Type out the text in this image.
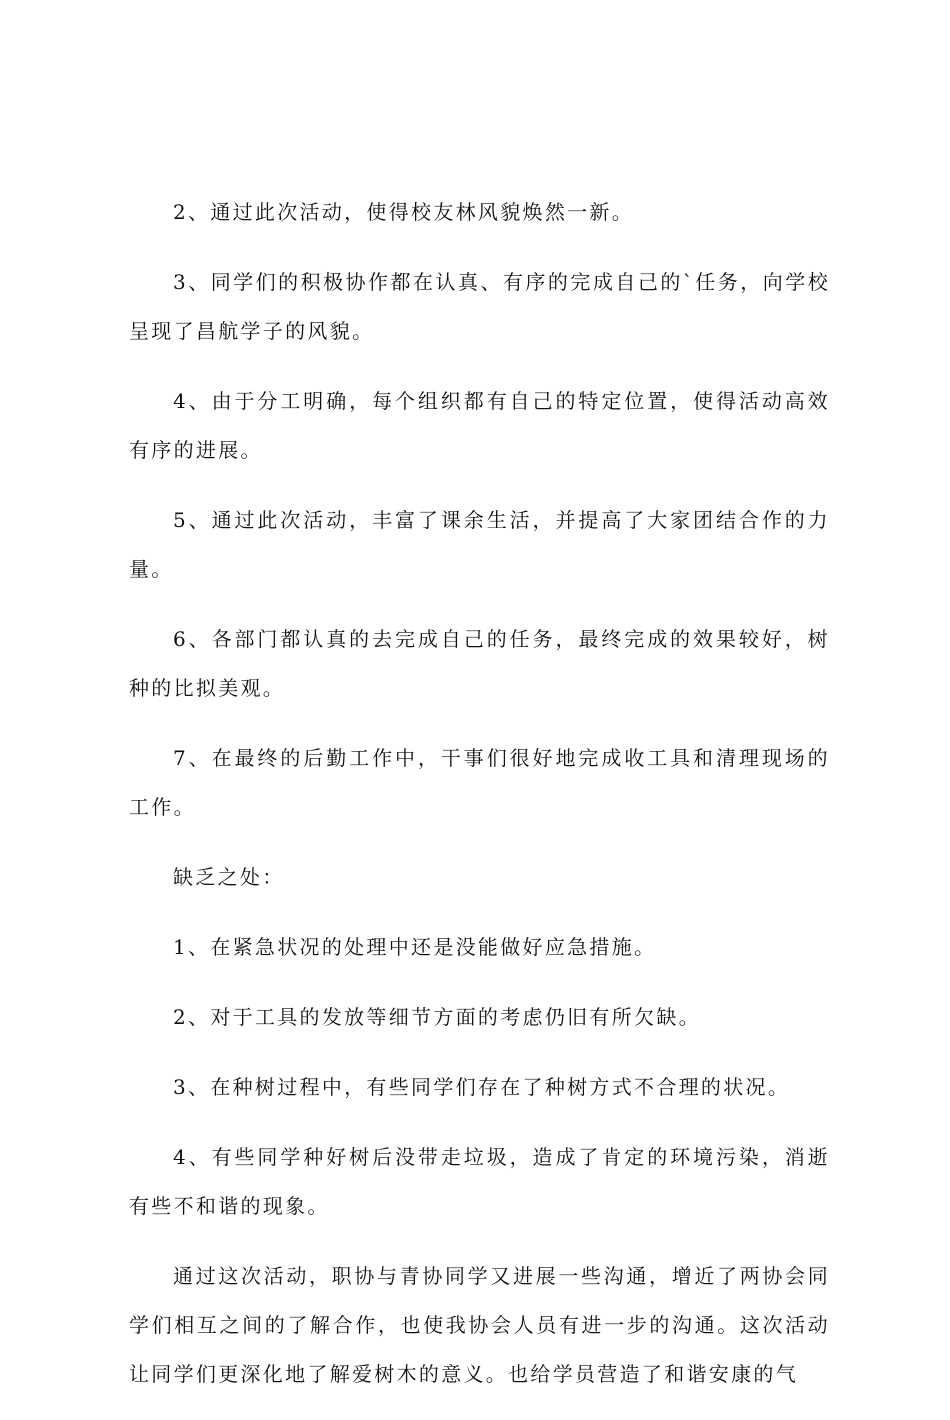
2、通过此次活动，使得校友林风貌焕然一新。

3、同学们的积极协作都在认真、有序的完成自己的`任务，向学校呈现了昌航学子的风貌。

4、由于分工明确，每个组织都有自己的特定位置，使得活动高效有序的进展。

5、通过此次活动，丰富了课余生活，并提高了大家团结合作的力量。

6、各部门都认真的去完成自己的任务，最终完成的效果较好，树种的比拟美观。

7、在最终的后勤工作中，干事们很好地完成收工具和清理现场的工作。

缺乏之处：

1、在紧急状况的处理中还是没能做好应急措施。

2、对于工具的发放等细节方面的考虑仍旧有所欠缺。

3、在种树过程中，有些同学们存在了种树方式不合理的状况。

4、有些同学种好树后没带走垃圾，造成了肯定的环境污染，消逝有些不和谐的现象。

通过这次活动，职协与青协同学又进展一些沟通，增近了两协会同学们相互之间的了解合作，也使我协会人员有进一步的沟通。这次活动让同学们更深化地了解爱树木的意义。也给学员营造了和谐安康的气
